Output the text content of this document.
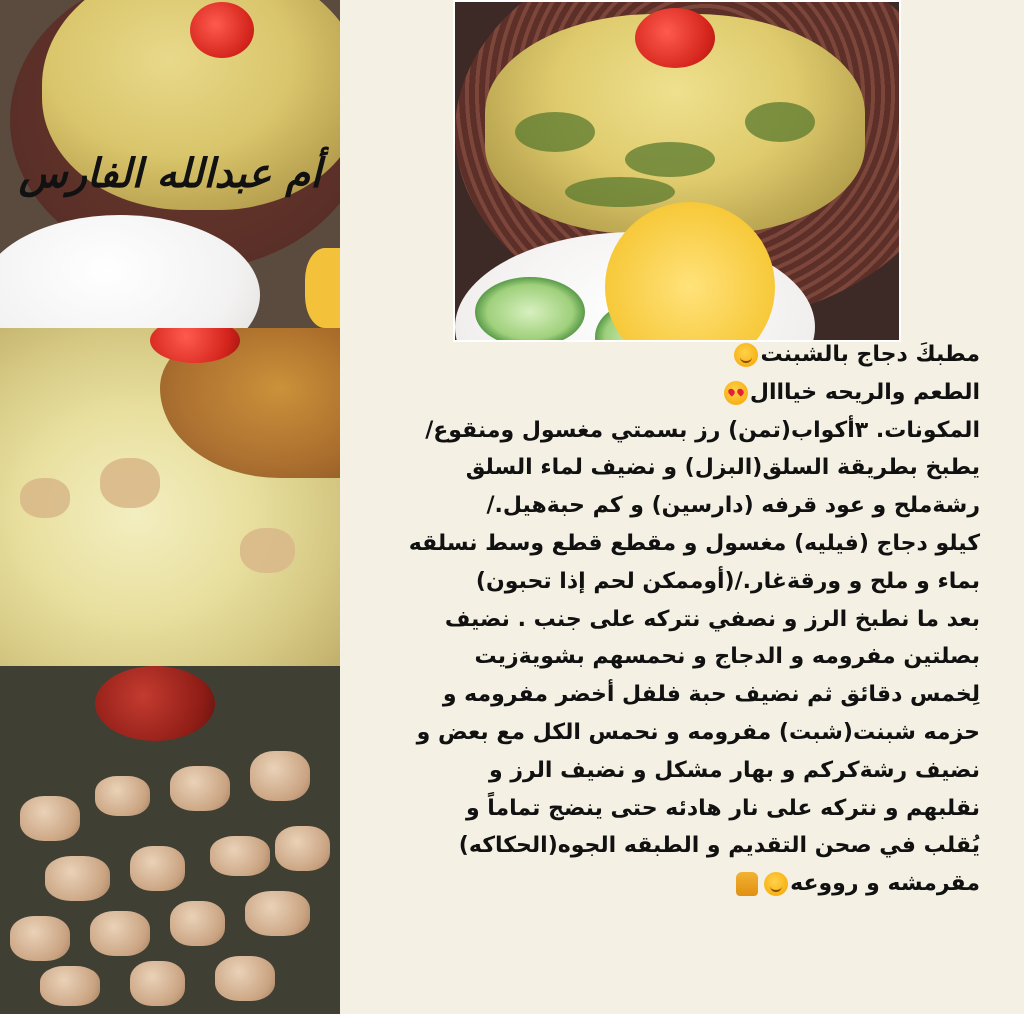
أم عبدالله الفارس
مطبكَ دجاج بالشبنت
الطعم والريحه خيااال
المكونات. ٣أكواب(تمن) رز بسمتي مغسول ومنقوع/
يطبخ بطريقة السلق(البزل) و نضيف لماء السلق
رشةملح و عود قرفه (دارسين) و كم حبةهيل./
كيلو دجاج (فيليه) مغسول و مقطع قطع وسط نسلقه
بماء و ملح و ورقةغار./(أوممكن لحم إذا تحبون)
بعد ما نطبخ الرز و نصفي نتركه على جنب . نضيف
بصلتين مفرومه و الدجاج و نحمسهم بشويةزيت
لِخمس دقائق ثم نضيف حبة فلفل أخضر مفرومه و
حزمه شبنت(شبت) مفرومه و نحمس الكل مع بعض و
نضيف رشةكركم و بهار مشكل و نضيف الرز و
نقلبهم و نتركه على نار هادئه حتى ينضج تماماً و
يُقلب في صحن التقديم و الطبقه الجوه(الحكاكه)
مقرمشه و رووعه
